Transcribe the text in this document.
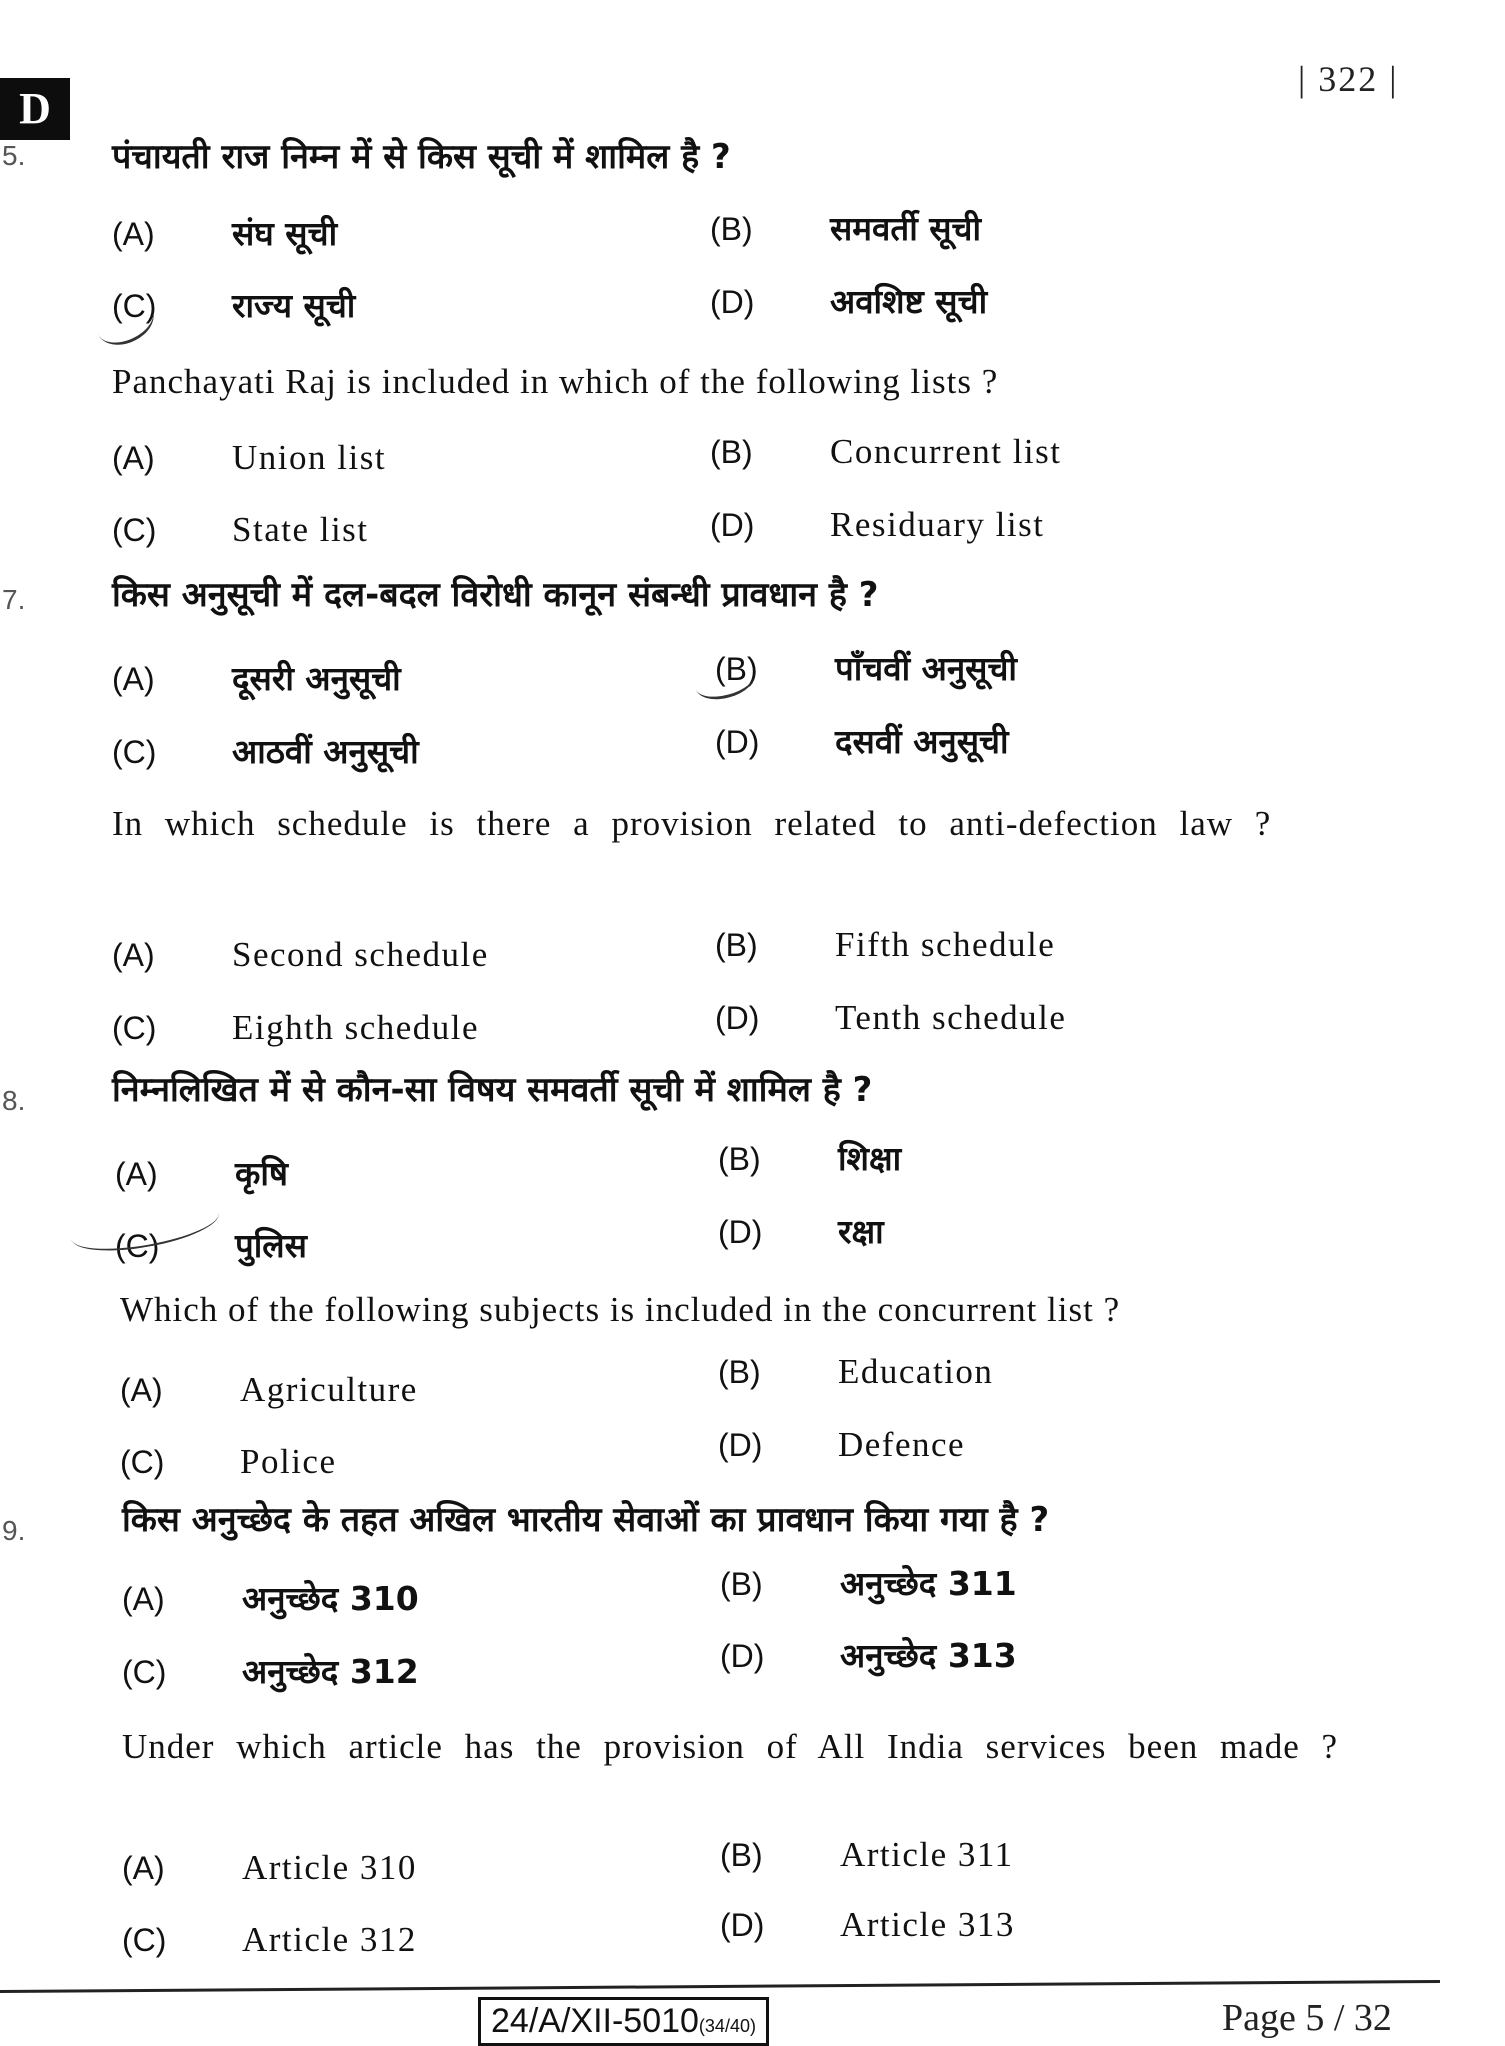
| 322 |
D
5.	पंचायती राज निम्न में से किस सूची में शामिल है ?
(A)	संघ सूची	(B)	समवर्ती सूची
(C)	राज्य सूची	(D)	अवशिष्ट सूची
Panchayati Raj is included in which of the following lists ?
(A)	Union list	(B)	Concurrent list
(C)	State list	(D)	Residuary list
7.	किस अनुसूची में दल-बदल विरोधी कानून संबन्धी प्रावधान है ?
(A)	दूसरी अनुसूची	(B)	पाँचवीं अनुसूची
(C)	आठवीं अनुसूची	(D)	दसवीं अनुसूची
In which schedule is there a provision related to anti-defection law ?
(A)	Second schedule	(B)	Fifth schedule
(C)	Eighth schedule	(D)	Tenth schedule
8.	निम्नलिखित में से कौन-सा विषय समवर्ती सूची में शामिल है ?
(A)	कृषि	(B)	शिक्षा
(C)	पुलिस	(D)	रक्षा
Which of the following subjects is included in the concurrent list ?
(A)	Agriculture	(B)	Education
(C)	Police	(D)	Defence
9.	किस अनुच्छेद के तहत अखिल भारतीय सेवाओं का प्रावधान किया गया है ?
(A)	अनुच्छेद 310	(B)	अनुच्छेद 311
(C)	अनुच्छेद 312	(D)	अनुच्छेद 313
Under which article has the provision of All India services been made ?
(A)	Article 310	(B)	Article 311
(C)	Article 312	(D)	Article 313
24/A/XII-5010(34/40)	Page 5 / 32
